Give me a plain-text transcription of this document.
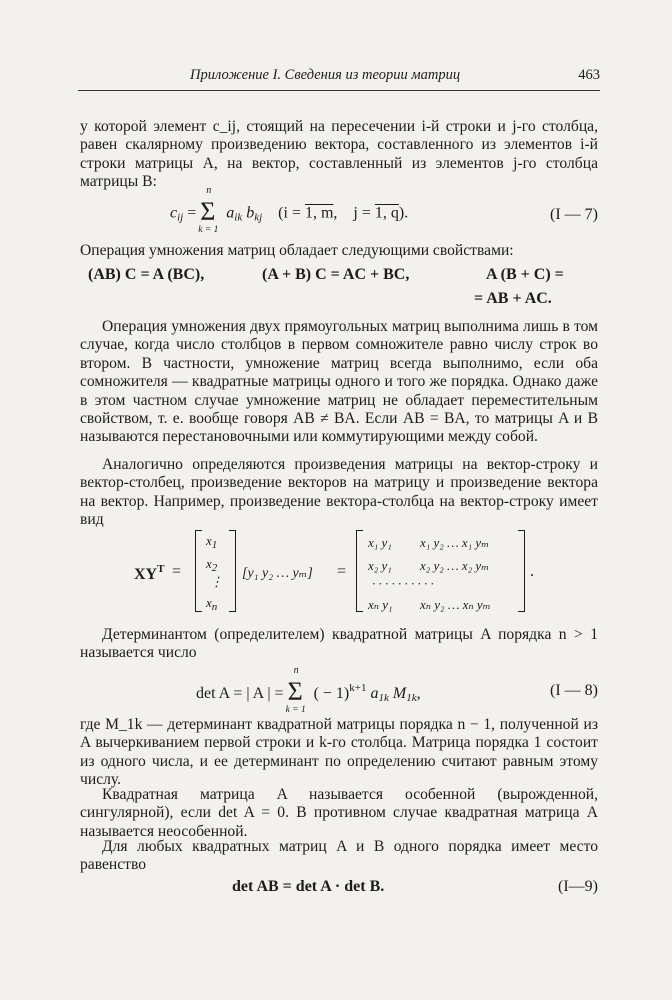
Приложение I. Сведения из теории матриц	463

у которой элемент c_ij, стоящий на пересечении i-й строки и j-го столбца, равен скалярному произведению вектора, составленного из элементов i-й строки матрицы A, на вектор, составленный из элементов j-го столбца матрицы B:

$c_{ij} = \Sigma$
n
k = 1
$a_{ik}$ $b_{kj}$ (i = 1, m, j = 1, q).	(I — 7)

Операция умножения матриц обладает следующими свойствами:

(AB) C = A (BC),	(A + B) C = AC + BC,	A (B + C) =
= AB + AC.

Операция умножения двух прямоугольных матриц выполнима лишь в том случае, когда число столбцов в первом сомножителе равно числу строк во втором. В частности, умножение матриц всегда выполнимо, если оба сомножителя — квадратные матрицы одного и того же порядка. Однако даже в этом частном случае умножение матриц не обладает переместительным свойством, т. е. вообще говоря AB ≠ BA. Если AB = BA, то матрицы A и B называются перестановочными или коммутирующими между собой.

Аналогично определяются произведения матрицы на вектор-строку и вектор-столбец, произведение векторов на матрицу и произведение вектора на вектор. Например, произведение вектора-столбца на вектор-строку имеет вид

$XY^T$ =
$x_1$
$x_2$
⋮
$x_n$
[y₁ y₂ … yₘ] =
x₁ y₁ x₁ y₂ … x₁ yₘ
x₂ y₁ x₂ y₂ … x₂ yₘ
· · · · · · · · · ·
xₙ y₁ xₙ y₂ … xₙ yₘ
.

Детерминантом (определителем) квадратной матрицы A порядка n > 1 называется число

det A = | A | = Σ
n
k = 1
( − 1)$^{k+1}$ $a_{1k}$ $M_{1k}$,	(I — 8)

где M_1k — детерминант квадратной матрицы порядка n − 1, полученной из A вычеркиванием первой строки и k-го столбца. Матрица порядка 1 состоит из одного числа, и ее детерминант по определению считают равным этому числу.

Квадратная матрица A называется особенной (вырожденной, сингулярной), если det A = 0. В противном случае квадратная матрица A называется неособенной.

Для любых квадратных матриц A и B одного порядка имеет место равенство

det AB = det A · det B.	(I—9)
